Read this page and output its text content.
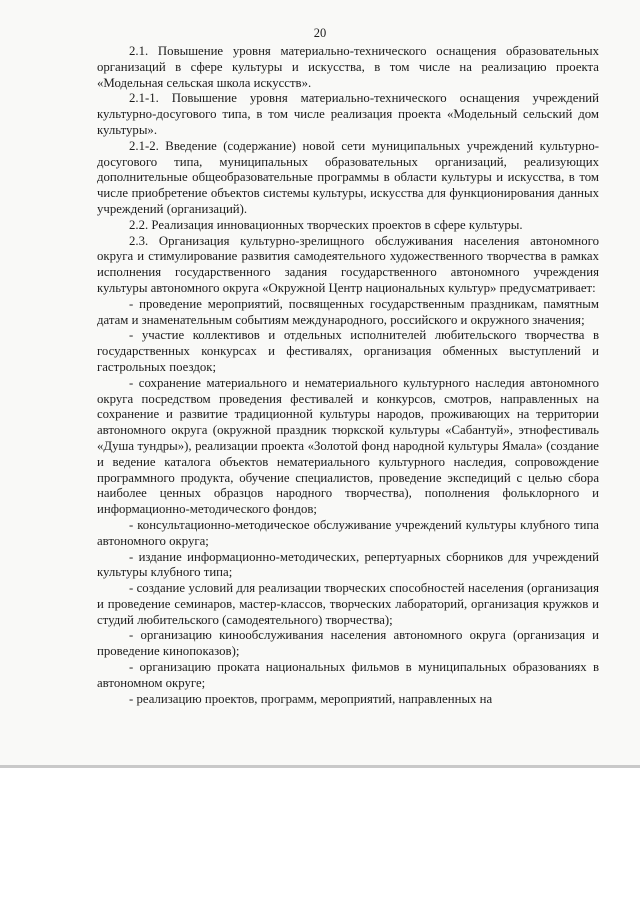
20

2.1. Повышение уровня материально-технического оснащения образовательных организаций в сфере культуры и искусства, в том числе на реализацию проекта «Модельная сельская школа искусств».

2.1-1. Повышение уровня материально-технического оснащения учреждений культурно-досугового типа, в том числе реализация проекта «Модельный сельский дом культуры».

2.1-2. Введение (содержание) новой сети муниципальных учреждений культурно-досугового типа, муниципальных образовательных организаций, реализующих дополнительные общеобразовательные программы в области культуры и искусства, в том числе приобретение объектов системы культуры, искусства для функционирования данных учреждений (организаций).

2.2. Реализация инновационных творческих проектов в сфере культуры.

2.3. Организация культурно-зрелищного обслуживания населения автономного округа и стимулирование развития самодеятельного художественного творчества в рамках исполнения государственного задания государственного автономного учреждения культуры автономного округа «Окружной Центр национальных культур» предусматривает:

- проведение мероприятий, посвященных государственным праздникам, памятным датам и знаменательным событиям международного, российского и окружного значения;

- участие коллективов и отдельных исполнителей любительского творчества в государственных конкурсах и фестивалях, организация обменных выступлений и гастрольных поездок;

- сохранение материального и нематериального культурного наследия автономного округа посредством проведения фестивалей и конкурсов, смотров, направленных на сохранение и развитие традиционной культуры народов, проживающих на территории автономного округа (окружной праздник тюркской культуры «Сабантуй», этнофестиваль «Душа тундры»), реализации проекта «Золотой фонд народной культуры Ямала» (создание и ведение каталога объектов нематериального культурного наследия, сопровождение программного продукта, обучение специалистов, проведение экспедиций с целью сбора наиболее ценных образцов народного творчества), пополнения фольклорного и информационно-методического фондов;

- консультационно-методическое обслуживание учреждений культуры клубного типа автономного округа;

- издание информационно-методических, репертуарных сборников для учреждений культуры клубного типа;

- создание условий для реализации творческих способностей населения (организация и проведение семинаров, мастер-классов, творческих лабораторий, организация кружков и студий любительского (самодеятельного) творчества);

- организацию кинообслуживания населения автономного округа (организация и проведение кинопоказов);

- организацию проката национальных фильмов в муниципальных образованиях в автономном округе;

- реализацию проектов, программ, мероприятий, направленных на
